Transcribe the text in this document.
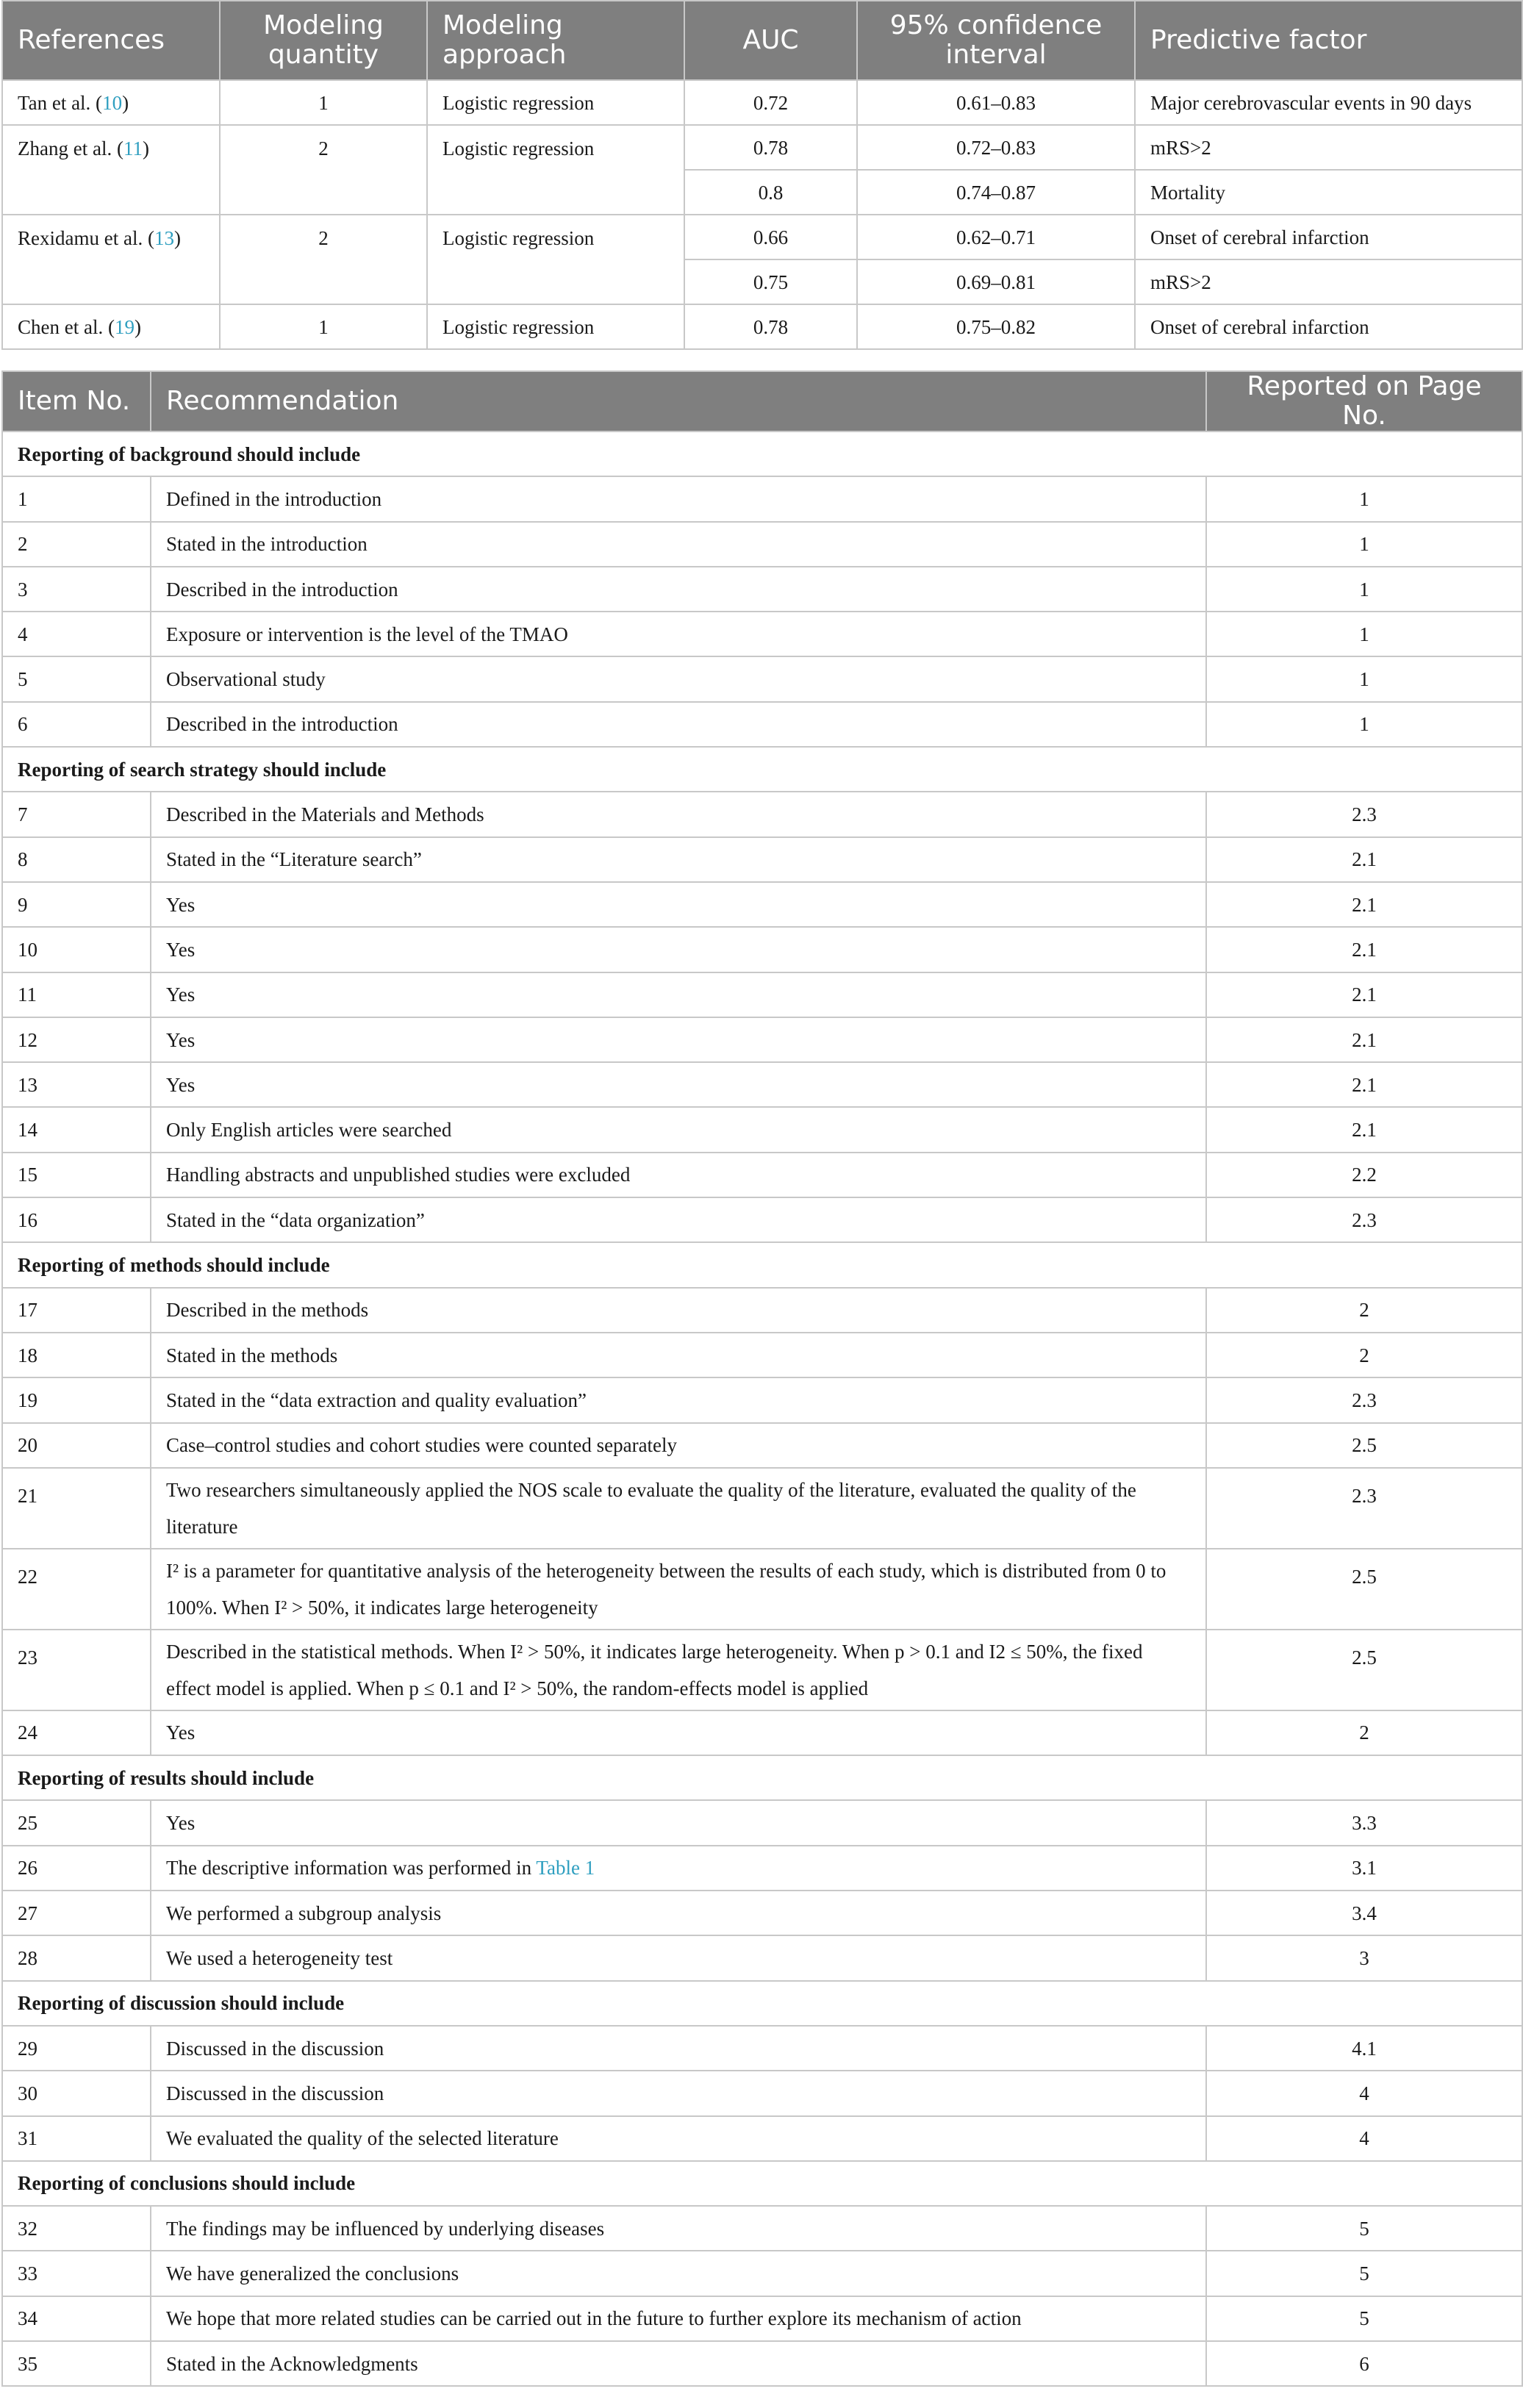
References	Modeling quantity	Modeling approach	AUC	95% confidence interval	Predictive factor
Tan et al. (10)	1	Logistic regression	0.72	0.61–0.83	Major cerebrovascular events in 90 days
Zhang et al. (11)	2	Logistic regression	0.78	0.72–0.83	mRS>2
			0.8	0.74–0.87	Mortality
Rexidamu et al. (13)	2	Logistic regression	0.66	0.62–0.71	Onset of cerebral infarction
			0.75	0.69–0.81	mRS>2
Chen et al. (19)	1	Logistic regression	0.78	0.75–0.82	Onset of cerebral infarction
Item No.	Recommendation	Reported on Page No.
Reporting of background should include		
1	Defined in the introduction	1
2	Stated in the introduction	1
3	Described in the introduction	1
4	Exposure or intervention is the level of the TMAO	1
5	Observational study	1
6	Described in the introduction	1
Reporting of search strategy should include		
7	Described in the Materials and Methods	2.3
8	Stated in the “Literature search”	2.1
9	Yes	2.1
10	Yes	2.1
11	Yes	2.1
12	Yes	2.1
13	Yes	2.1
14	Only English articles were searched	2.1
15	Handling abstracts and unpublished studies were excluded	2.2
16	Stated in the “data organization”	2.3
Reporting of methods should include		
17	Described in the methods	2
18	Stated in the methods	2
19	Stated in the “data extraction and quality evaluation”	2.3
20	Case–control studies and cohort studies were counted separately	2.5
21	Two researchers simultaneously applied the NOS scale to evaluate the quality of the literature, evaluated the quality of the literature	2.3
22	I² is a parameter for quantitative analysis of the heterogeneity between the results of each study, which is distributed from 0 to 100%. When I² > 50%, it indicates large heterogeneity	2.5
23	Described in the statistical methods. When I² > 50%, it indicates large heterogeneity. When p > 0.1 and I2 ≤ 50%, the fixed effect model is applied. When p ≤ 0.1 and I² > 50%, the random-effects model is applied	2.5
24	Yes	2
Reporting of results should include		
25	Yes	3.3
26	The descriptive information was performed in Table 1	3.1
27	We performed a subgroup analysis	3.4
28	We used a heterogeneity test	3
Reporting of discussion should include		
29	Discussed in the discussion	4.1
30	Discussed in the discussion	4
31	We evaluated the quality of the selected literature	4
Reporting of conclusions should include		
32	The findings may be influenced by underlying diseases	5
33	We have generalized the conclusions	5
34	We hope that more related studies can be carried out in the future to further explore its mechanism of action	5
35	Stated in the Acknowledgments	6
